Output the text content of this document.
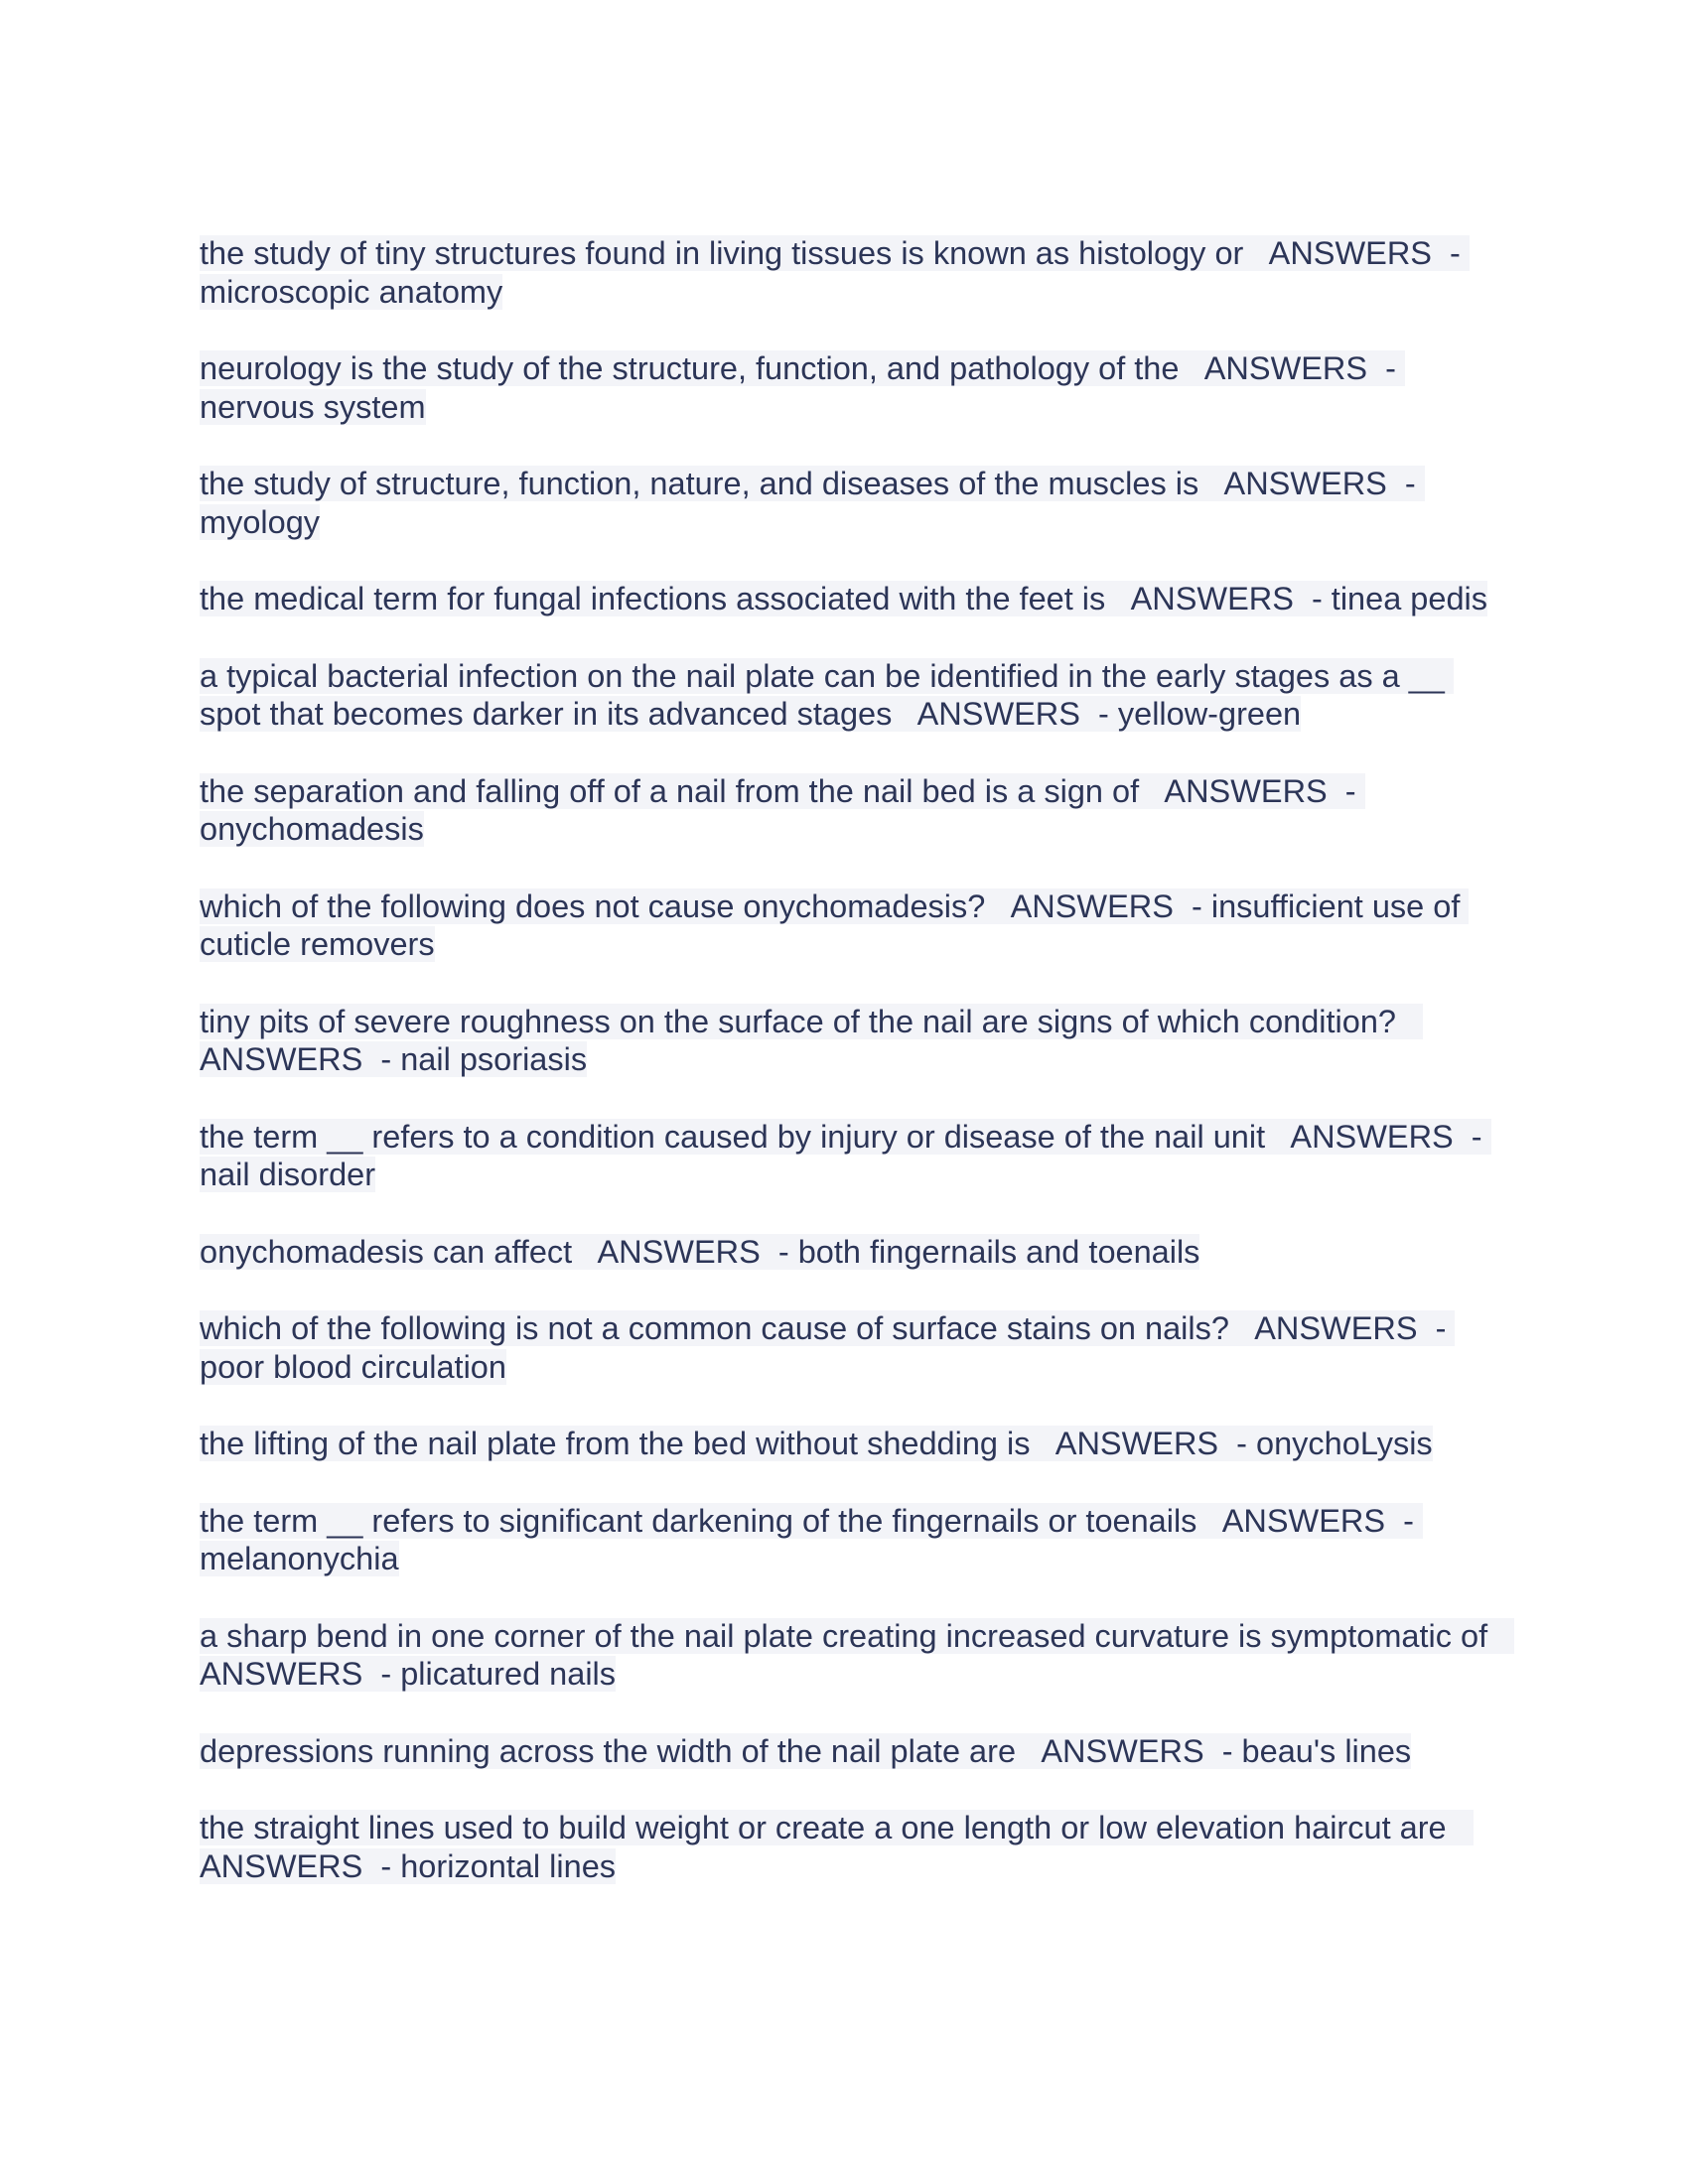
the study of tiny structures found in living tissues is known as histology or   ANSWERS  - microscopic anatomy

neurology is the study of the structure, function, and pathology of the   ANSWERS  - nervous system

the study of structure, function, nature, and diseases of the muscles is   ANSWERS  - myology

the medical term for fungal infections associated with the feet is   ANSWERS  - tinea pedis

a typical bacterial infection on the nail plate can be identified in the early stages as a __ spot that becomes darker in its advanced stages   ANSWERS  - yellow-green

the separation and falling off of a nail from the nail bed is a sign of   ANSWERS  - onychomadesis

which of the following does not cause onychomadesis?   ANSWERS  - insufficient use of cuticle removers

tiny pits of severe roughness on the surface of the nail are signs of which condition?   ANSWERS  - nail psoriasis

the term __ refers to a condition caused by injury or disease of the nail unit   ANSWERS  - nail disorder

onychomadesis can affect   ANSWERS  - both fingernails and toenails

which of the following is not a common cause of surface stains on nails?   ANSWERS  - poor blood circulation

the lifting of the nail plate from the bed without shedding is   ANSWERS  - onychoLysis

the term __ refers to significant darkening of the fingernails or toenails   ANSWERS  - melanonychia

a sharp bend in one corner of the nail plate creating increased curvature is symptomatic of   ANSWERS  - plicatured nails

depressions running across the width of the nail plate are   ANSWERS  - beau's lines

the straight lines used to build weight or create a one length or low elevation haircut are   ANSWERS  - horizontal lines
